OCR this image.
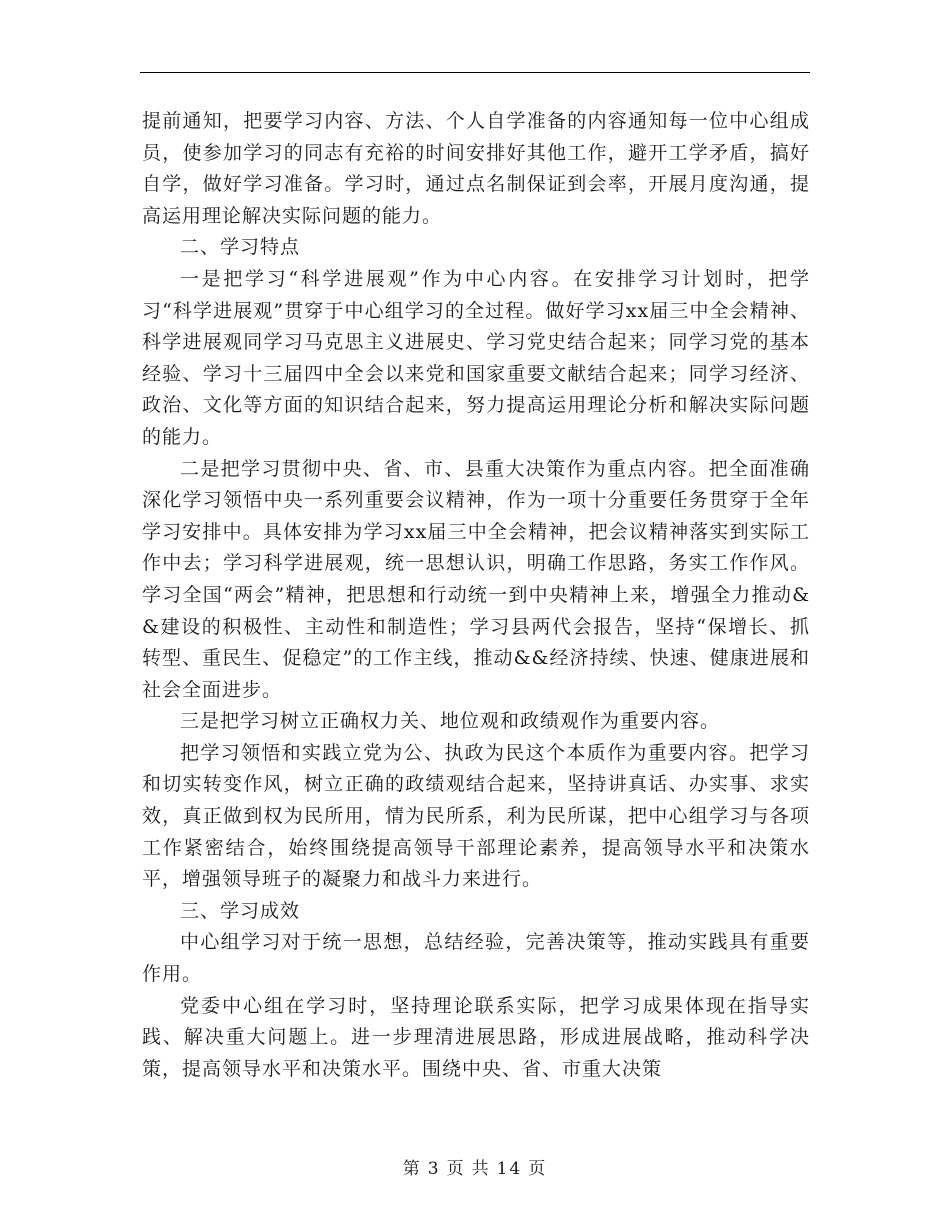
提前通知，把要学习内容、方法、个人自学准备的内容通知每一位中心组成员，使参加学习的同志有充裕的时间安排好其他工作，避开工学矛盾，搞好自学，做好学习准备。学习时，通过点名制保证到会率，开展月度沟通，提高运用理论解决实际问题的能力。

二、学习特点

一是把学习“科学进展观”作为中心内容。在安排学习计划时，把学习“科学进展观”贯穿于中心组学习的全过程。做好学习xx届三中全会精神、科学进展观同学习马克思主义进展史、学习党史结合起来；同学习党的基本经验、学习十三届四中全会以来党和国家重要文献结合起来；同学习经济、政治、文化等方面的知识结合起来，努力提高运用理论分析和解决实际问题的能力。

二是把学习贯彻中央、省、市、县重大决策作为重点内容。把全面准确深化学习领悟中央一系列重要会议精神，作为一项十分重要任务贯穿于全年学习安排中。具体安排为学习xx届三中全会精神，把会议精神落实到实际工作中去；学习科学进展观，统一思想认识，明确工作思路，务实工作作风。学习全国“两会”精神，把思想和行动统一到中央精神上来，增强全力推动&&建设的积极性、主动性和制造性；学习县两代会报告，坚持“保增长、抓转型、重民生、促稳定”的工作主线，推动&&经济持续、快速、健康进展和社会全面进步。

三是把学习树立正确权力关、地位观和政绩观作为重要内容。

把学习领悟和实践立党为公、执政为民这个本质作为重要内容。把学习和切实转变作风，树立正确的政绩观结合起来，坚持讲真话、办实事、求实效，真正做到权为民所用，情为民所系，利为民所谋，把中心组学习与各项工作紧密结合，始终围绕提高领导干部理论素养，提高领导水平和决策水平，增强领导班子的凝聚力和战斗力来进行。

三、学习成效

中心组学习对于统一思想，总结经验，完善决策等，推动实践具有重要作用。

党委中心组在学习时，坚持理论联系实际，把学习成果体现在指导实践、解决重大问题上。进一步理清进展思路，形成进展战略，推动科学决策，提高领导水平和决策水平。围绕中央、省、市重大决策

第 3 页 共 14 页
